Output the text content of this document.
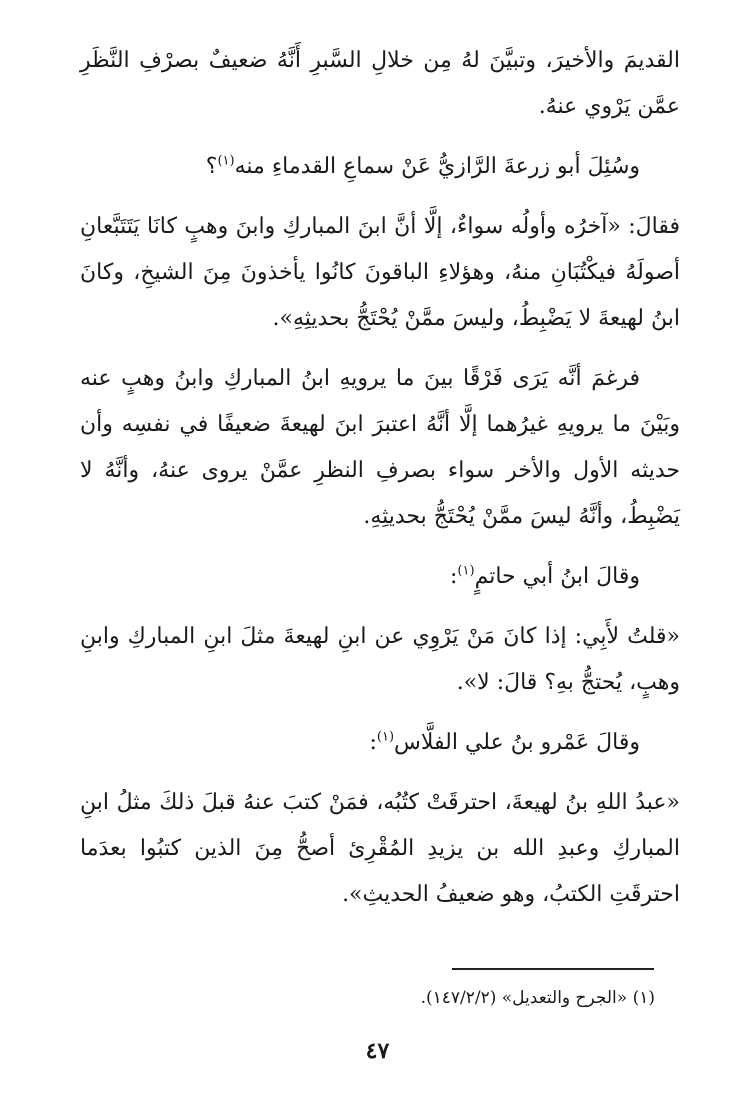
القديمَ والأخيرَ، وتبيَّنَ لهُ مِن خلالِ السَّبرِ أَنَّهُ ضعيفٌ بصرْفِ النَّظَرِ عمَّن يَرْوي عنهُ.

وسُئِلَ أبو زرعةَ الرَّازيُّ عَنْ سماعِ القدماءِ منه$^{(١)}$؟

فقالَ: «آخرُه وأولُه سواءٌ، إلَّا أنَّ ابنَ المباركِ وابنَ وهبٍ كانَا يَتَتَبَّعانِ أصولَهُ فيكْتُبَانِ منهُ، وهؤلاءِ الباقونَ كانُوا يأخذونَ مِنَ الشيخِ، وكانَ ابنُ لهيعةَ لا يَضْبِطُ، وليسَ ممَّنْ يُحْتَجُّ بحديثِهِ».

فرغمَ أنَّه يَرَى فَرْقًا بينَ ما يرويهِ ابنُ المباركِ وابنُ وهبٍ عنه وبَيْنَ ما يرويهِ غيرُهما إلَّا أنَّهُ اعتبرَ ابنَ لهيعةَ ضعيفًا في نفسِه وأن حديثه الأول والأخر سواء بصرفِ النظرِ عمَّنْ يروى عنهُ، وأنَّهُ لا يَضْبِطُ، وأنَّهُ ليسَ ممَّنْ يُحْتَجُّ بحديثِهِ.

وقالَ ابنُ أبي حاتمٍ$^{(١)}$:

«قلتُ لأَبِي: إذا كانَ مَنْ يَرْوِي عن ابنِ لهيعةَ مثلَ ابنِ المباركِ وابنِ وهبٍ، يُحتجُّ بهِ؟ قالَ: لا».

وقالَ عَمْرو بنُ علي الفلَّاس$^{(١)}$:

«عبدُ اللهِ بنُ لهيعةَ، احترقَتْ كتُبُه، فمَنْ كتبَ عنهُ قبلَ ذلكَ مثلُ ابنِ المباركِ وعبدِ الله بن يزيدِ المُقْرِئ أصحُّ مِنَ الذين كتبُوا بعدَما احترقَتِ الكتبُ، وهو ضعيفُ الحديثِ».

(١) «الجرح والتعديل» (١٤٧/٢/٢).
٤٧
